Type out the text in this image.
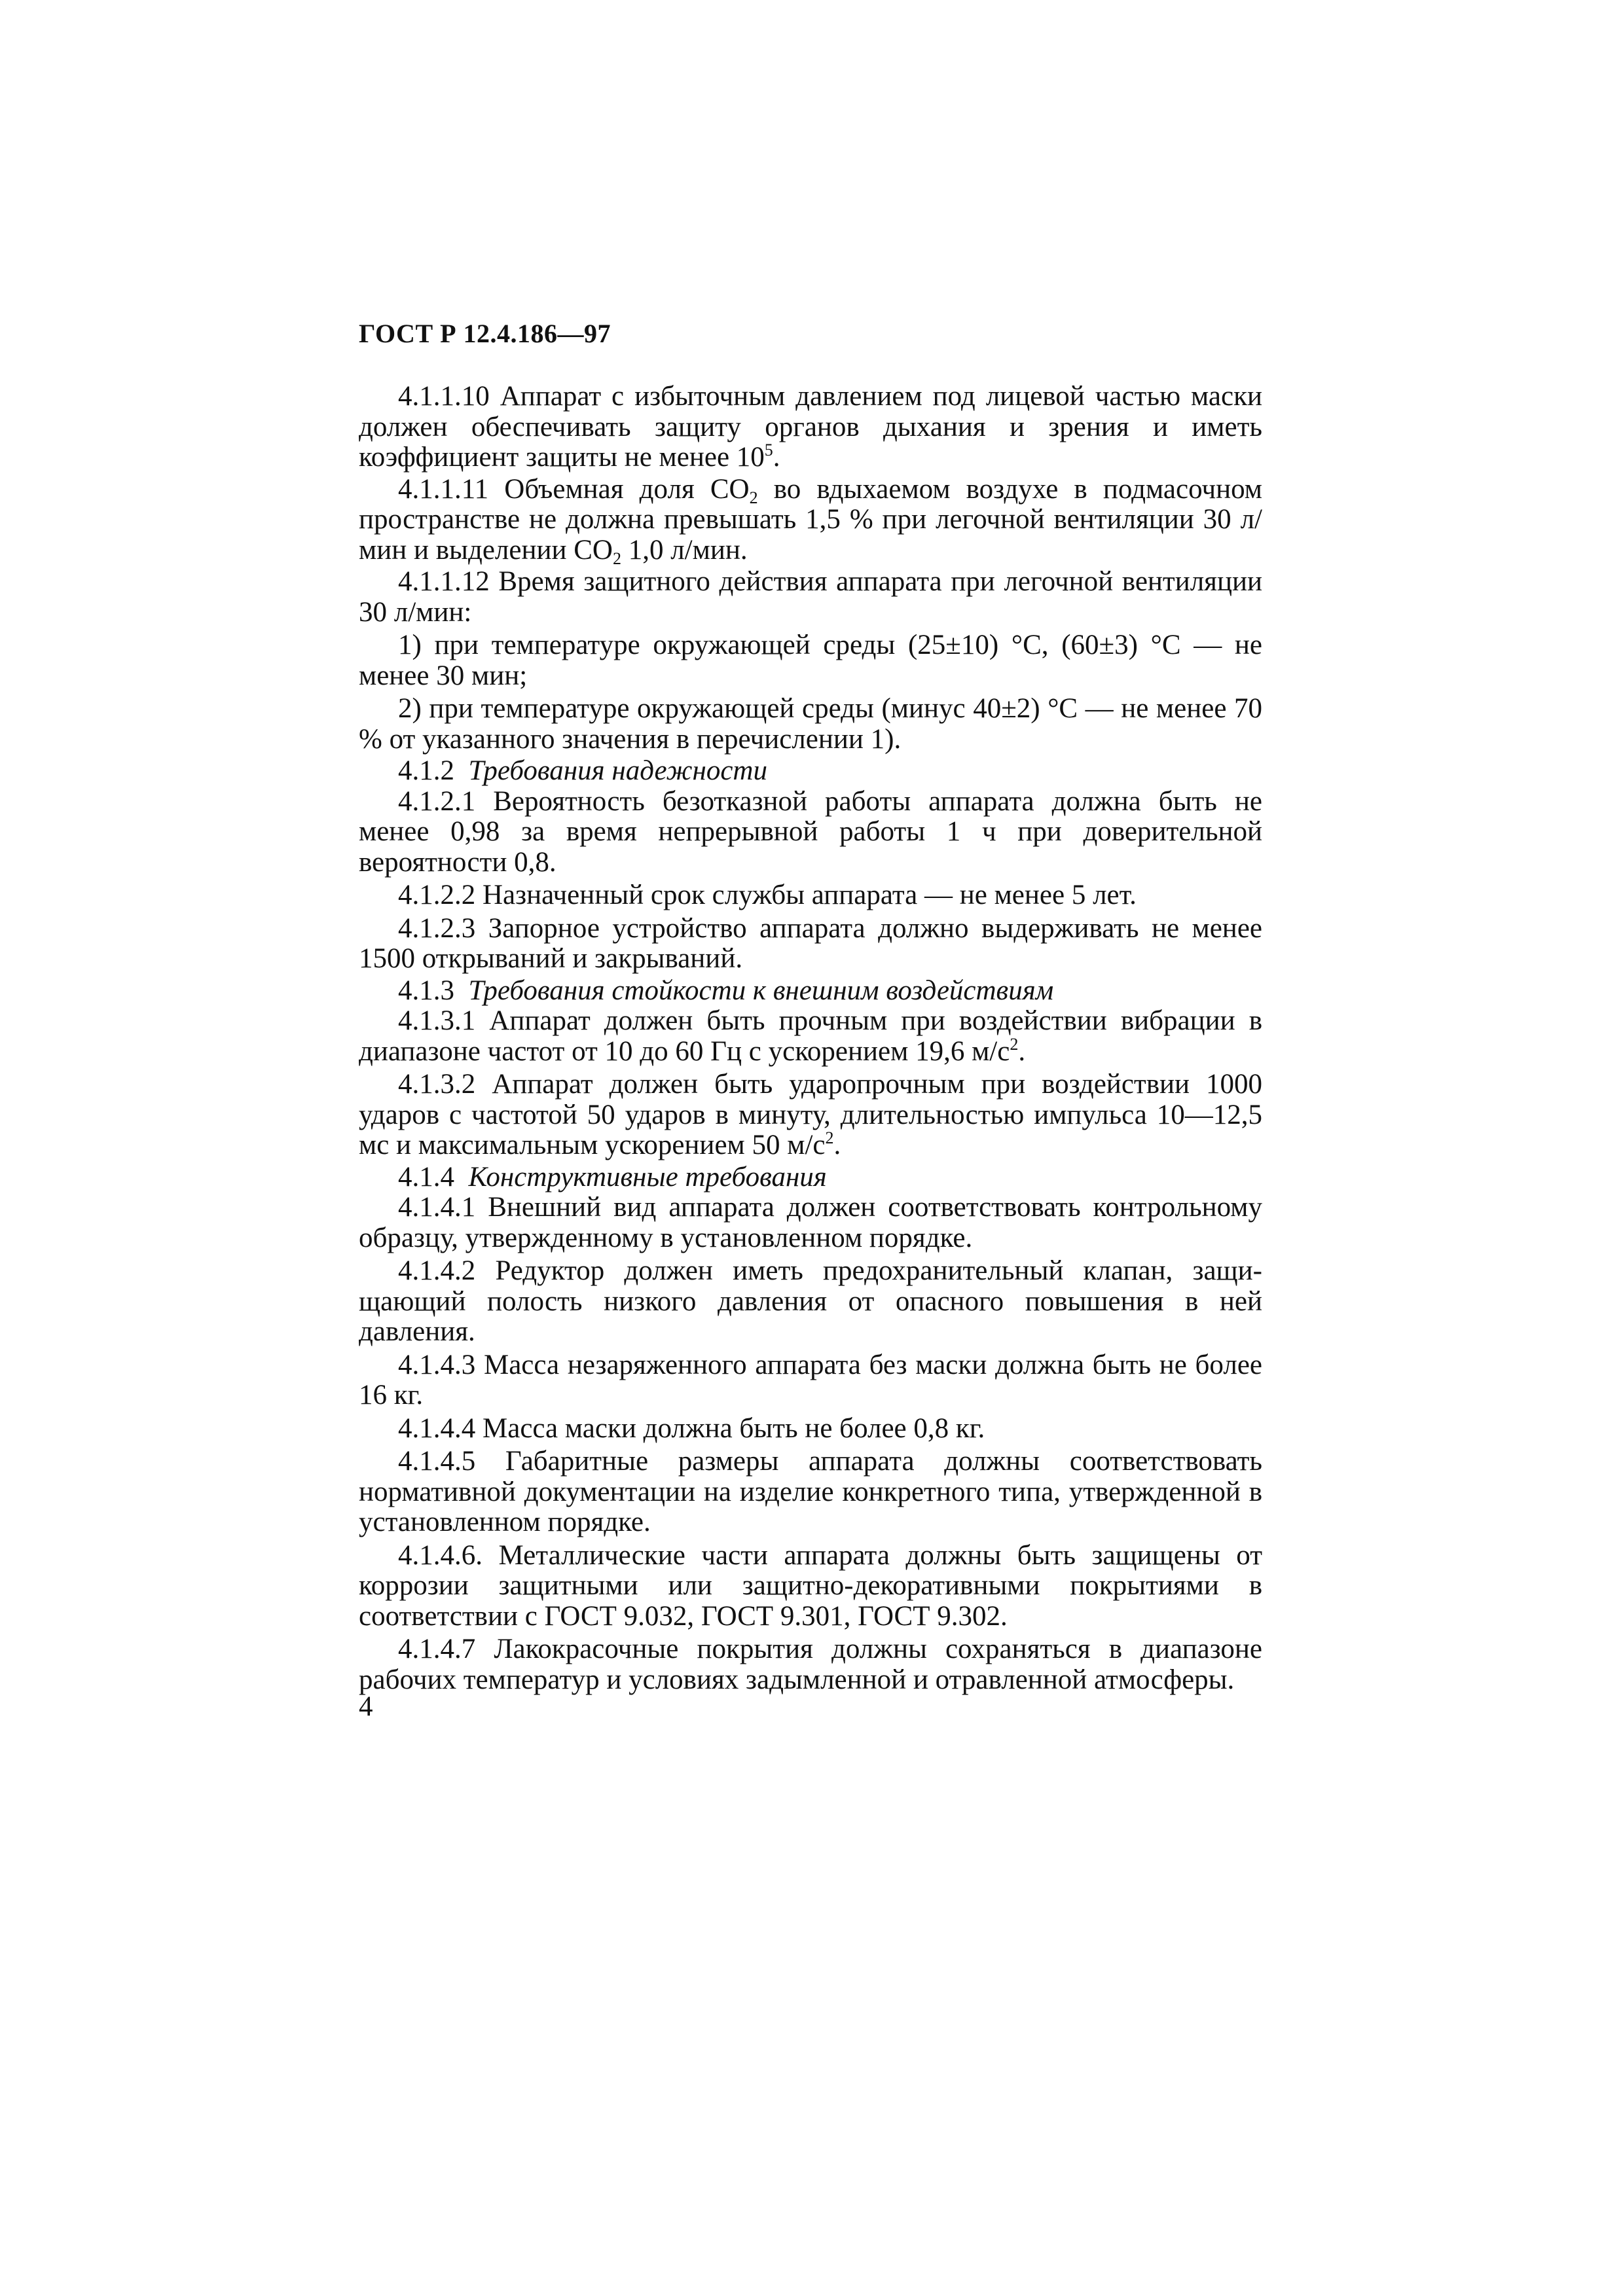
ГОСТ Р 12.4.186—97

4.1.1.10 Аппарат с избыточным давлением под лицевой частью маски должен обеспечивать защиту органов дыхания и зрения и иметь коэффициент защиты не менее $10^5$.

4.1.1.11 Объемная доля $CO_2$ во вдыхаемом воздухе в подмасочном пространстве не должна превышать 1,5 % при легочной вентиляции 30 л/мин и выделении $CO_2$ 1,0 л/мин.

4.1.1.12 Время защитного действия аппарата при легочной вентиляции 30 л/мин:

1) при температуре окружающей среды (25±10) °С, (60±3) °С — не менее 30 мин;

2) при температуре окружающей среды (минус 40±2) °С — не менее 70 % от указанного значения в перечислении 1).

4.1.2 Требования надежности

4.1.2.1 Вероятность безотказной работы аппарата должна быть не менее 0,98 за время непрерывной работы 1 ч при доверительной вероятности 0,8.

4.1.2.2 Назначенный срок службы аппарата — не менее 5 лет.

4.1.2.3 Запорное устройство аппарата должно выдерживать не менее 1500 открываний и закрываний.

4.1.3 Требования стойкости к внешним воздействиям

4.1.3.1 Аппарат должен быть прочным при воздействии вибрации в диапазоне частот от 10 до 60 Гц с ускорением 19,6 $м/с^2$.

4.1.3.2 Аппарат должен быть ударопрочным при воздействии 1000 ударов с частотой 50 ударов в минуту, длительностью импульса 10—12,5 мс и максимальным ускорением 50 $м/с^2$.

4.1.4 Конструктивные требования

4.1.4.1 Внешний вид аппарата должен соответствовать контрольному образцу, утвержденному в установленном порядке.

4.1.4.2 Редуктор должен иметь предохранительный клапан, защищающий полость низкого давления от опасного повышения в ней давления.

4.1.4.3 Масса незаряженного аппарата без маски должна быть не более 16 кг.

4.1.4.4 Масса маски должна быть не более 0,8 кг.

4.1.4.5 Габаритные размеры аппарата должны соответствовать нормативной документации на изделие конкретного типа, утвержденной в установленном порядке.

4.1.4.6. Металлические части аппарата должны быть защищены от коррозии защитными или защитно-декоративными покрытиями в соответствии с ГОСТ 9.032, ГОСТ 9.301, ГОСТ 9.302.

4.1.4.7 Лакокрасочные покрытия должны сохраняться в диапазоне рабочих температур и условиях задымленной и отравленной атмосферы.

4
